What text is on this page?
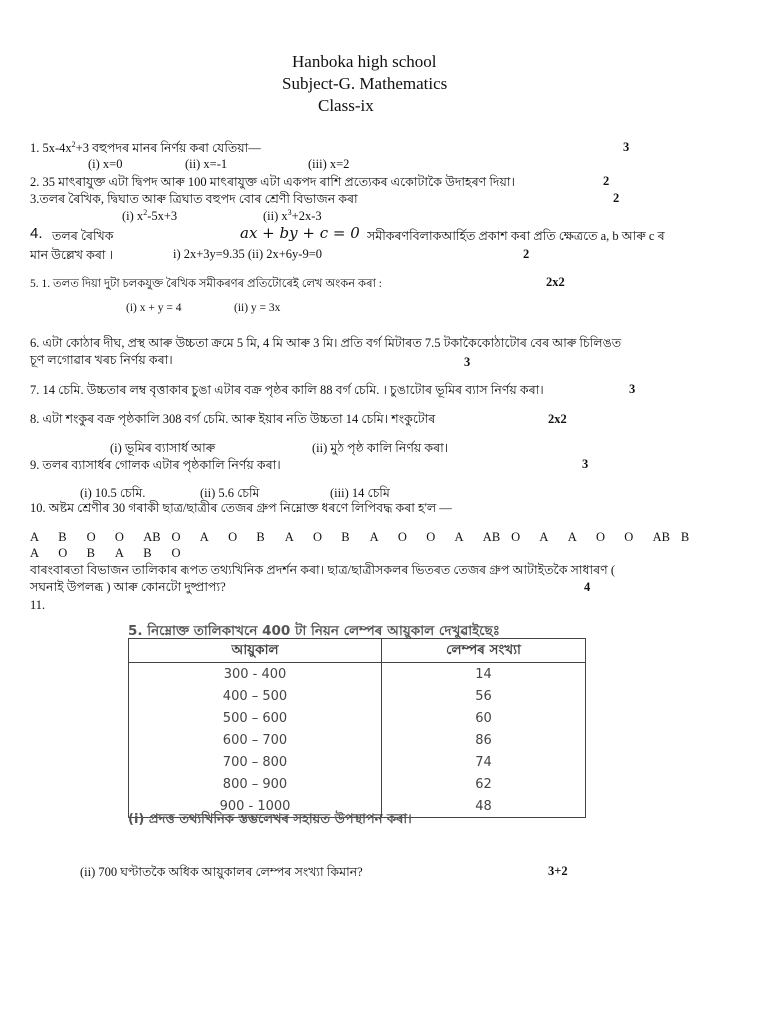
Hanboka high school
Subject-G. Mathematics
Class-ix
1. $5x-4x^2+3$ বহুপদৰ মানৰ নিৰ্ণয় কৰা যেতিয়া—	3
(i) x=0	(ii) x=-1	(iii) x=2
2. 35 মাৎৰাযুক্ত এটা দ্বিপদ আৰু 100 মাৎৰাযুক্ত এটা একপদ ৰাশি প্ৰত্যেকৰ একোটাকৈ উদাহৰণ দিয়া।	2
3.তলৰ ৰৈখিক, দ্বিঘাত আৰু ত্ৰিঘাত বহুপদ বোৰ শ্ৰেণী বিভাজন কৰা	2
(i) $x^2-5x+3$	(ii) $x^3+2x-3$
4. তলৰ ৰৈখিক	ax + by + c = 0 সমীকৰণবিলাকআৰ্হিত প্ৰকাশ কৰা প্ৰতি ক্ষেত্ৰতে a, b আৰু c ৰ
মান উল্লেখ কৰা ।	i) 2x+3y=9.35 (ii) 2x+6y-9=0	2
5. 1. তলত দিয়া দুটা চলকযুক্ত ৰৈখিক সমীকৰণৰ প্ৰতিটোৰেই লেখ অংকন কৰা :	2x2
(i) x + y = 4	(ii) y = 3x
6. এটা কোঠাৰ দীঘ, প্ৰস্থ আৰু উচ্চতা ক্ৰমে 5 মি, 4 মি আৰু 3 মি। প্ৰতি বৰ্গ মিটাৰত 7.5 টকাকৈকোঠাটোৰ বেৰ আৰু চিলিঙত
চূণ লগোৱাৰ খৰচ নিৰ্ণয় কৰা।	3
7. 14 চেমি. উচ্চতাৰ লম্ব বৃত্তাকাৰ চুঙা এটাৰ বক্ৰ পৃষ্ঠৰ কালি 88 বৰ্গ চেমি. । চুঙাটোৰ ভূমিৰ ব্যাস নিৰ্ণয় কৰা।	3
8. এটা শংকুৰ বক্ৰ পৃষ্ঠকালি 308 বৰ্গ চেমি. আৰু ইয়াৰ নতি উচ্চতা 14 চেমি। শংকুটোৰ	2x2
(i) ভূমিৰ ব্যাসাৰ্ধ আৰু	(ii) মুঠ পৃষ্ঠ কালি নিৰ্ণয় কৰা।
9. তলৰ ব্যাসাৰ্ধৰ গোলক এটাৰ পৃষ্ঠকালি নিৰ্ণয় কৰা।	3
(i) 10.5 চেমি.	(ii) 5.6 চেমি	(iii) 14 চেমি
10. অষ্টম শ্ৰেণীৰ 30 গৰাকী ছাত্ৰ/ছাত্ৰীৰ তেজৰ গ্ৰুপ নিম্নোক্ত ধৰণে লিপিবদ্ধ কৰা হ'ল —
A B O O AB O A O B A O B A O O A AB O A A O O AB B
A O B A B O
বাৰংবাৰতা বিভাজন তালিকাৰ ৰূপত তথ্যখিনিক প্ৰদৰ্শন কৰা। ছাত্ৰ/ছাত্ৰীসকলৰ ভিতৰত তেজৰ গ্ৰুপ আটাইতকৈ সাধাৰণ (
সঘনাই উপলব্ধ ) আৰু কোনটো দুষ্প্ৰাপ্য?	4
11.
5. নিম্নোক্ত তালিকাখনে 400 টা নিয়ন লেম্পৰ আয়ুকাল দেখুৱাইছেঃ
আয়ুকাল	লেম্পৰ সংখ্যা
300 - 400	14
400 – 500	56
500 – 600	60
600 – 700	86
700 – 800	74
800 – 900	62
900 - 1000	48
(i) প্ৰদত্ত তথ্যখিনিক স্তম্ভলেখৰ সহায়ত উপস্থাপন কৰা।
(ii) 700 ঘণ্টাতকৈ অধিক আয়ুকালৰ লেম্পৰ সংখ্যা কিমান?	3+2
